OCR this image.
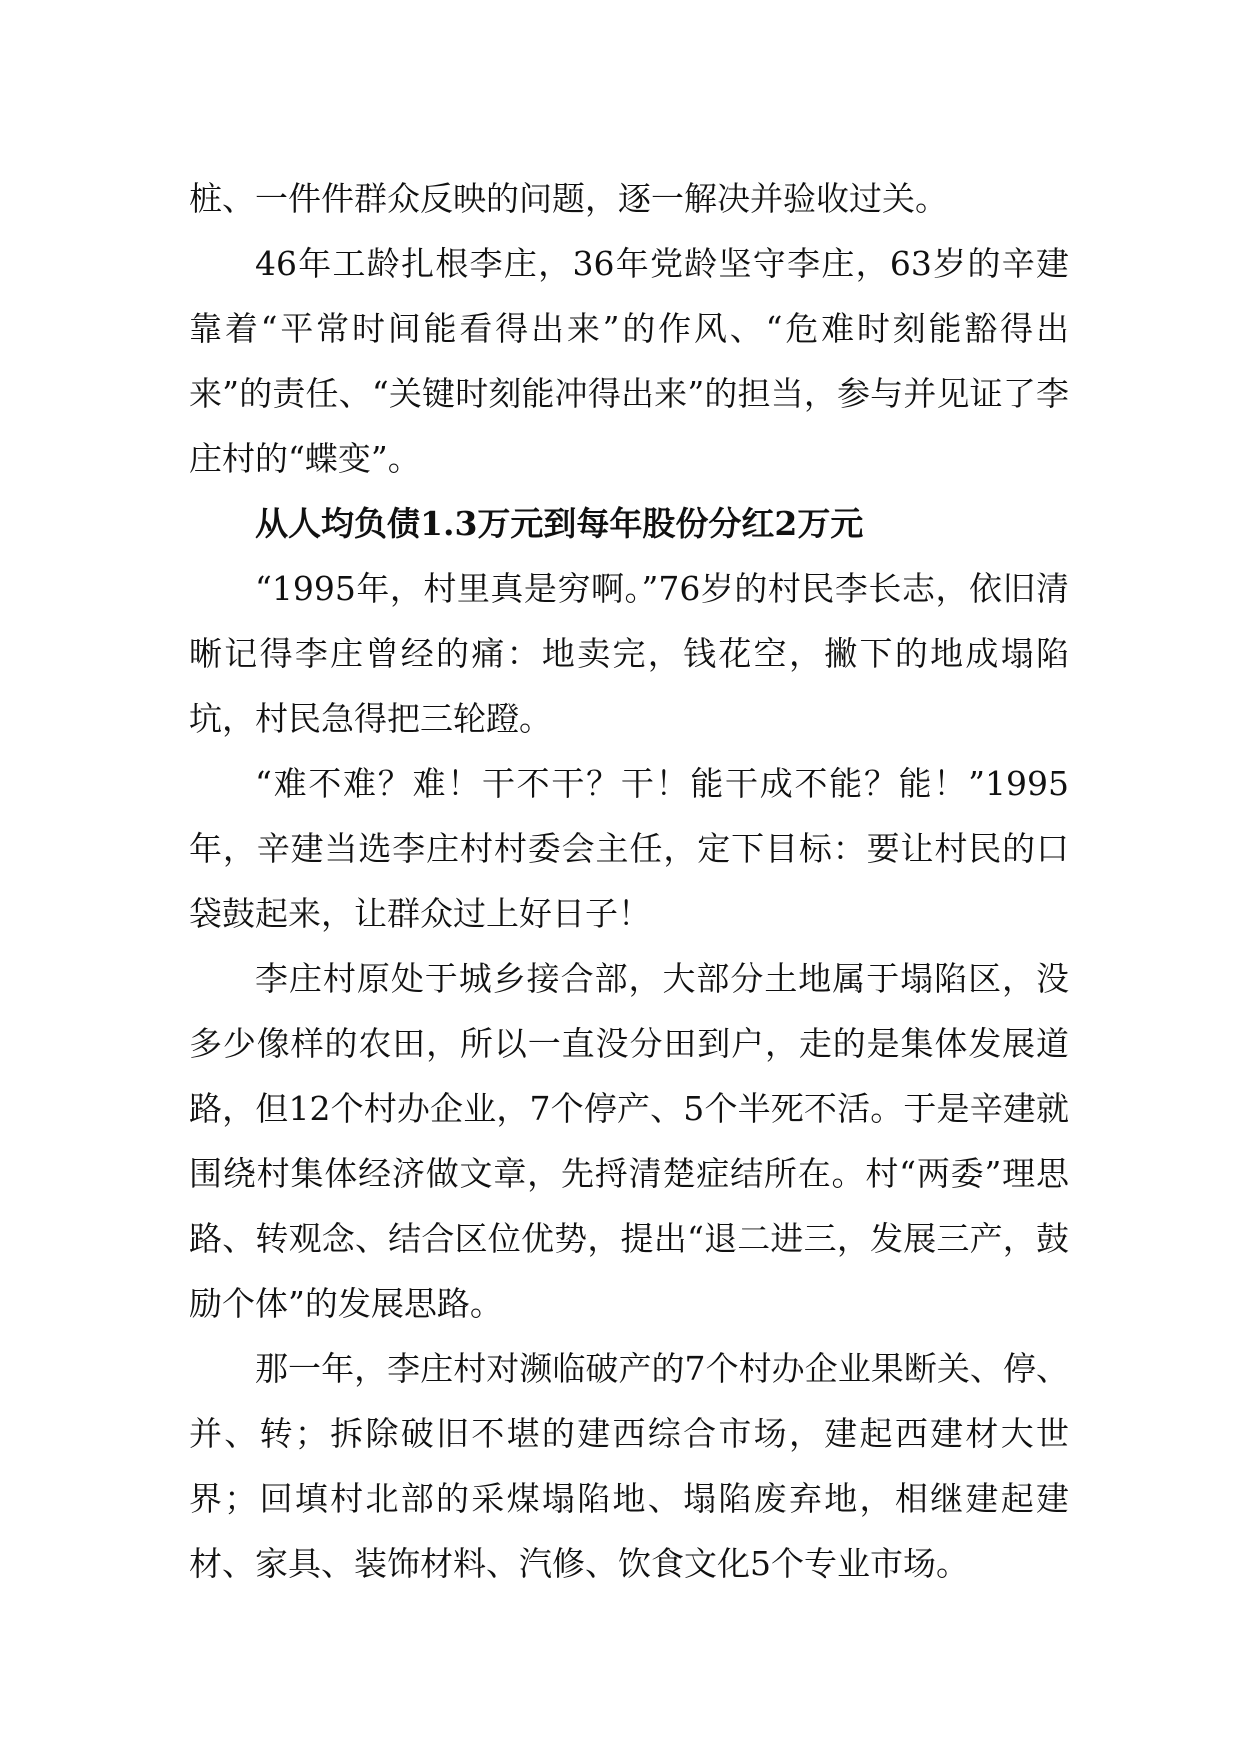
桩、一件件群众反映的问题，逐一解决并验收过关。

46年工龄扎根李庄，36年党龄坚守李庄，63岁的辛建靠着“平常时间能看得出来”的作风、“危难时刻能豁得出来”的责任、“关键时刻能冲得出来”的担当，参与并见证了李庄村的“蝶变”。

从人均负债1.3万元到每年股份分红2万元

“1995年，村里真是穷啊。”76岁的村民李长志，依旧清晰记得李庄曾经的痛：地卖完，钱花空，撇下的地成塌陷坑，村民急得把三轮蹬。

“难不难？难！干不干？干！能干成不能？能！”1995年，辛建当选李庄村村委会主任，定下目标：要让村民的口袋鼓起来，让群众过上好日子！

李庄村原处于城乡接合部，大部分土地属于塌陷区，没多少像样的农田，所以一直没分田到户，走的是集体发展道路，但12个村办企业，7个停产、5个半死不活。于是辛建就围绕村集体经济做文章，先捋清楚症结所在。村“两委”理思路、转观念、结合区位优势，提出“退二进三，发展三产，鼓励个体”的发展思路。

那一年，李庄村对濒临破产的7个村办企业果断关、停、并、转；拆除破旧不堪的建西综合市场，建起西建材大世界；回填村北部的采煤塌陷地、塌陷废弃地，相继建起建材、家具、装饰材料、汽修、饮食文化5个专业市场。
